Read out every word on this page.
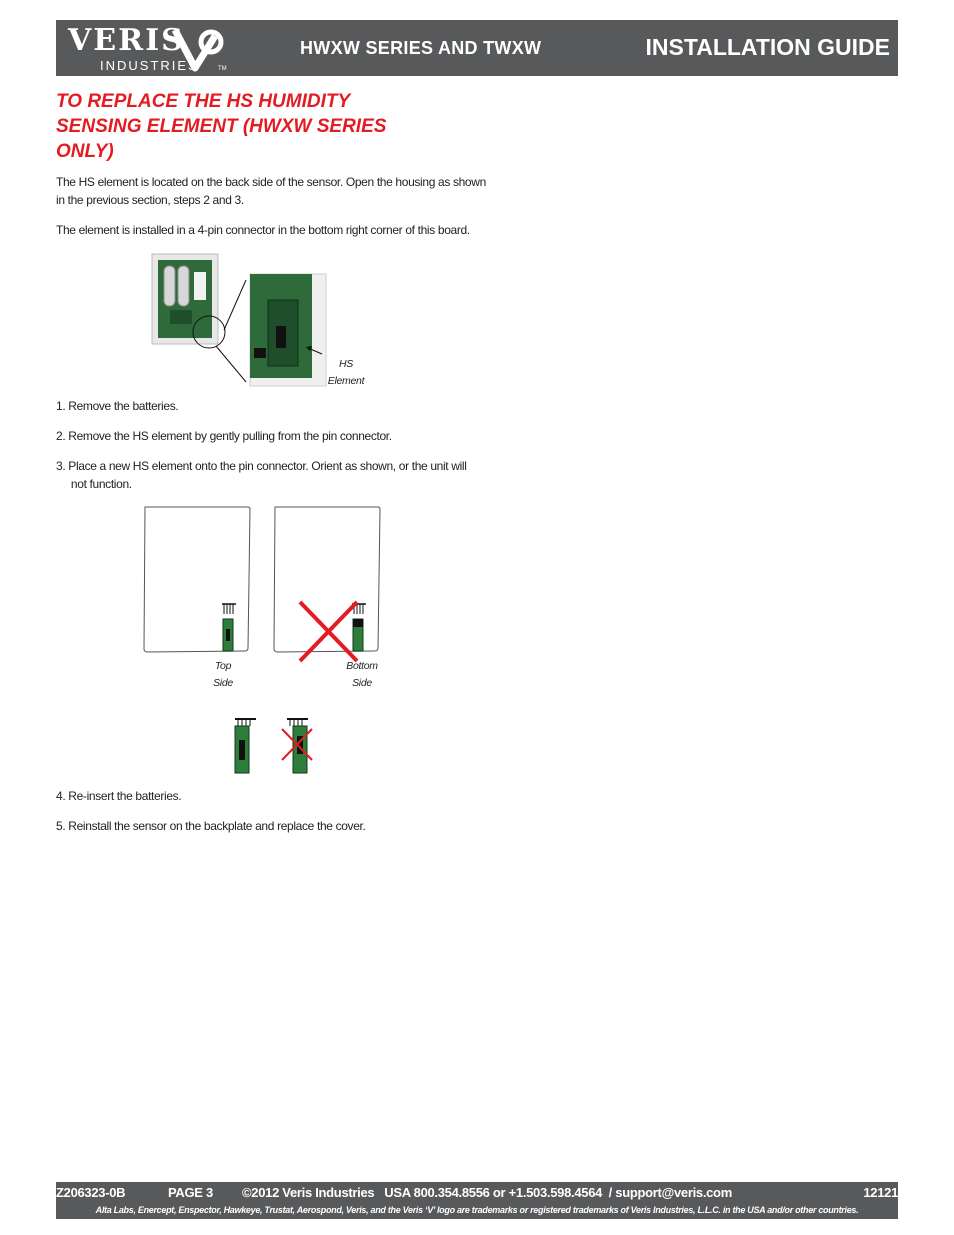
VERIS
INDUSTRIES	TM
HWXW SERIES AND TWXW	INSTALLATION GUIDE
TO REPLACE THE HS HUMIDITY
SENSING ELEMENT (HWXW SERIES
ONLY)

The HS element is located on the back side of the sensor. Open the housing as shown
in the previous section, steps 2 and 3.

The element is installed in a 4-pin connector in the bottom right corner of this board.

HS
Element

1. Remove the batteries.

2. Remove the HS element by gently pulling from the pin connector.

3. Place a new HS element onto the pin connector. Orient as shown, or the unit will
not function.

Top
Side
Bottom
Side

4. Re-insert the batteries.

5. Reinstall the sensor on the backplate and replace the cover.

Z206323-0B	PAGE 3 ©2012 Veris Industries   USA 800.354.8556 or +1.503.598.4564  / support@veris.com	12121
Alta Labs, Enercept, Enspector, Hawkeye, Trustat, Aerospond, Veris, and the Veris ‘V’ logo are trademarks or registered trademarks of Veris Industries, L.L.C. in the USA and/or other countries.
